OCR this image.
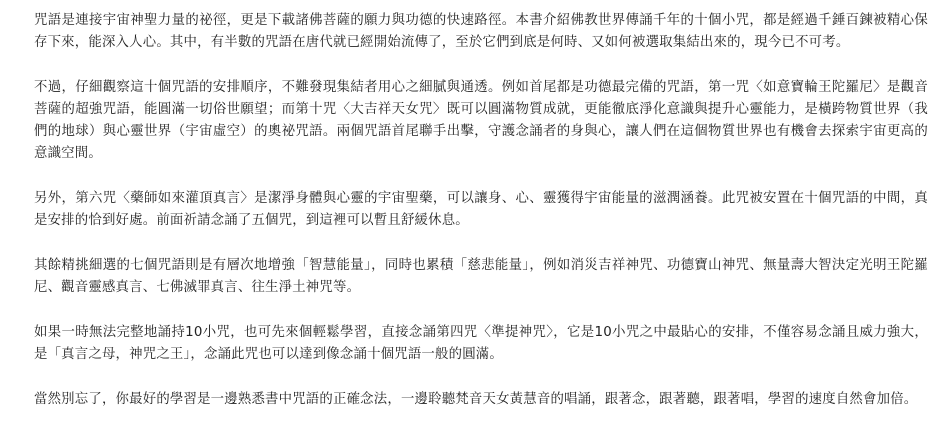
咒語是連接宇宙神聖力量的祕徑，更是下載諸佛菩薩的願力與功德的快速路徑。本書介紹佛教世界傳誦千年的十個小咒，都是經過千錘百鍊被精心保存下來，能深入人心。其中，有半數的咒語在唐代就已經開始流傳了，至於它們到底是何時、又如何被選取集結出來的，現今已不可考。

不過，仔細觀察這十個咒語的安排順序，不難發現集結者用心之細膩與通透。例如首尾都是功德最完備的咒語，第一咒〈如意寶輪王陀羅尼〉是觀音菩薩的超強咒語，能圓滿一切俗世願望；而第十咒〈大吉祥天女咒〉既可以圓滿物質成就，更能徹底淨化意識與提升心靈能力，是橫跨物質世界（我們的地球）與心靈世界（宇宙虛空）的奧祕咒語。兩個咒語首尾聯手出擊，守護念誦者的身與心，讓人們在這個物質世界也有機會去探索宇宙更高的意識空間。

另外，第六咒〈藥師如來灌頂真言〉是潔淨身體與心靈的宇宙聖藥，可以讓身、心、靈獲得宇宙能量的滋潤涵養。此咒被安置在十個咒語的中間，真是安排的恰到好處。前面祈請念誦了五個咒，到這裡可以暫且舒緩休息。

其餘精挑細選的七個咒語則是有層次地增強「智慧能量」，同時也累積「慈悲能量」，例如消災吉祥神咒、功德寶山神咒、無量壽大智決定光明王陀羅尼、觀音靈感真言、七佛滅罪真言、往生淨土神咒等。

如果一時無法完整地誦持10小咒，也可先來個輕鬆學習，直接念誦第四咒〈準提神咒〉，它是10小咒之中最貼心的安排，不僅容易念誦且威力強大，是「真言之母，神咒之王」，念誦此咒也可以達到像念誦十個咒語一般的圓滿。

當然別忘了，你最好的學習是一邊熟悉書中咒語的正確念法，一邊聆聽梵音天女黃慧音的唱誦，跟著念，跟著聽，跟著唱，學習的速度自然會加倍。
